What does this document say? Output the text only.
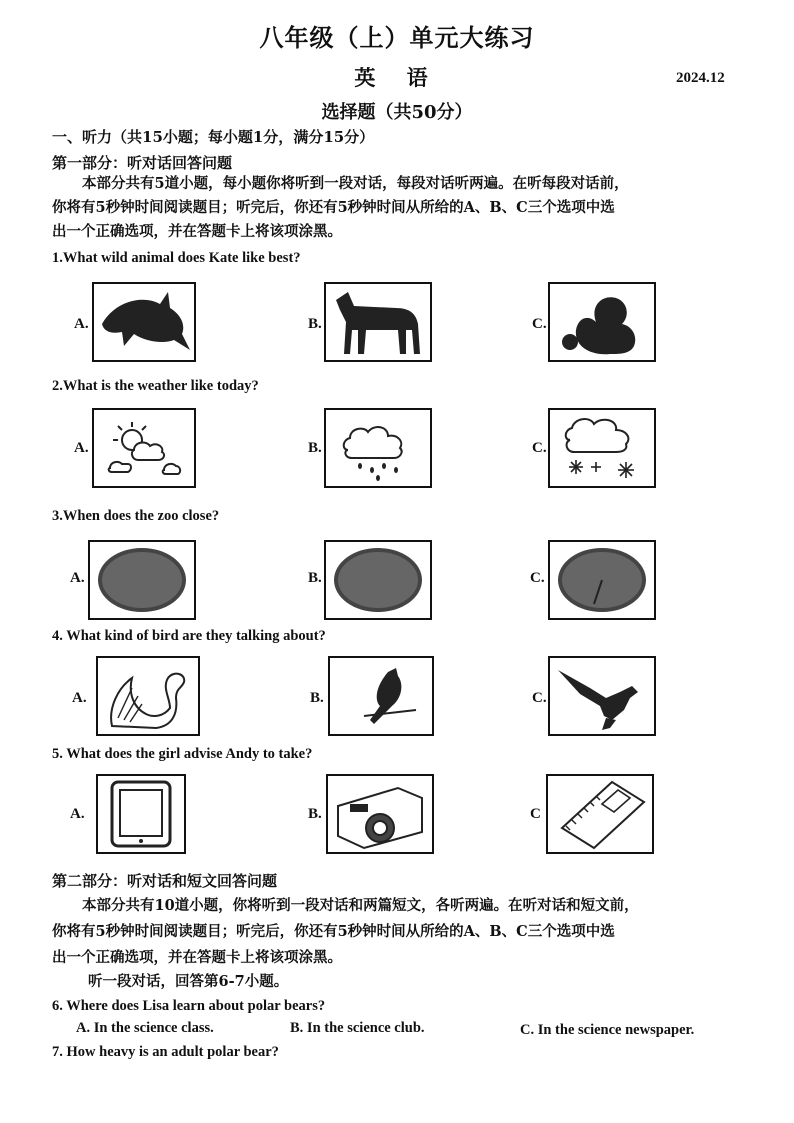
八年级（上）单元大练习
英 语	2024.12
选择题（共50分）
一、听力（共15小题；每小题1分，满分15分）
第一部分：听对话回答问题
本部分共有5道小题，每小题你将听到一段对话，每段对话听两遍。在听每段对话前，
你将有5秒钟时间阅读题目；听完后，你还有5秒钟时间从所给的A、B、C三个选项中选
出一个正确选项，并在答题卡上将该项涂黑。
1.What wild animal does Kate like best?
A.	B.	C.
2.What is the weather like today?
A.	B.	C.
3.When does the zoo close?
A.	B.	C.
4. What kind of bird are they talking about?
A.	B.	C.
5. What does the girl advise Andy to take?
A.	B.	C
第二部分：听对话和短文回答问题
本部分共有10道小题，你将听到一段对话和两篇短文，各听两遍。在听对话和短文前，
你将有5秒钟时间阅读题目；听完后，你还有5秒钟时间从所给的A、B、C三个选项中选
出一个正确选项，并在答题卡上将该项涂黑。
听一段对话，回答第6-7小题。
6. Where does Lisa learn about polar bears?
A. In the science class.	B. In the science club.	C. In the science newspaper.
7. How heavy is an adult polar bear?
